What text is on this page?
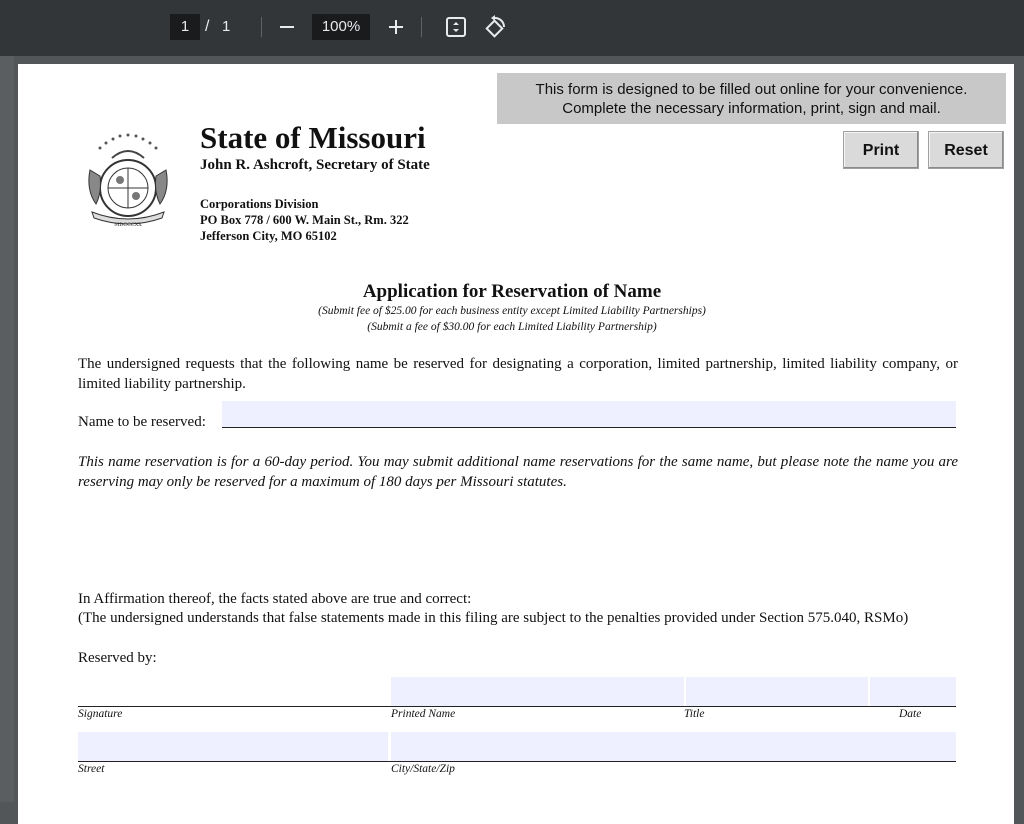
1 / 1	100%
This form is designed to be filled out online for your convenience.
Complete the necessary information, print, sign and mail.
Print	Reset
MDCCCXX
State of Missouri
John R. Ashcroft, Secretary of State
Corporations Division
PO Box 778 / 600 W. Main St., Rm. 322
Jefferson City, MO 65102
Application for Reservation of Name
(Submit fee of $25.00 for each business entity except Limited Liability Partnerships)
(Submit a fee of $30.00 for each Limited Liability Partnership)
The undersigned requests that the following name be reserved for designating a corporation, limited partnership, limited liability company, or limited liability partnership.
Name to be reserved:
This name reservation is for a 60-day period. You may submit additional name reservations for the same name, but please note the name you are reserving may only be reserved for a maximum of 180 days per Missouri statutes.
In Affirmation thereof, the facts stated above are true and correct:
(The undersigned understands that false statements made in this filing are subject to the penalties provided under Section 575.040, RSMo)
Reserved by:
Signature	Printed Name	Title	Date
Street	City/State/Zip
